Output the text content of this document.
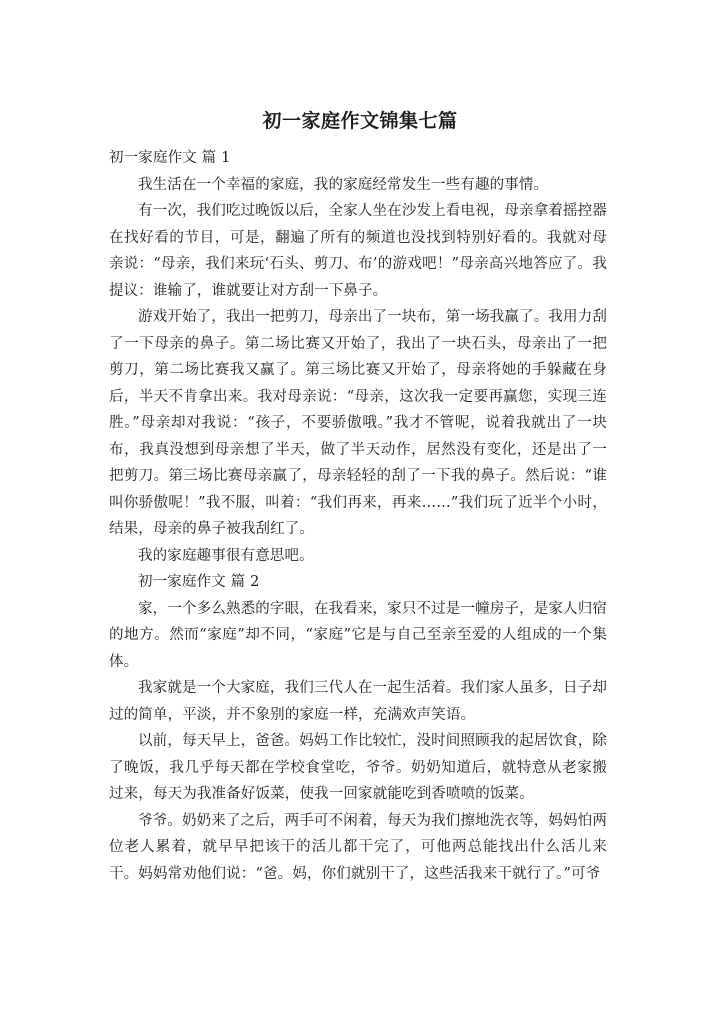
初一家庭作文锦集七篇

初一家庭作文 篇 1

我生活在一个幸福的家庭，我的家庭经常发生一些有趣的事情。

有一次，我们吃过晚饭以后，全家人坐在沙发上看电视，母亲拿着摇控器在找好看的节目，可是，翻遍了所有的频道也没找到特别好看的。我就对母亲说：“母亲，我们来玩‘石头、剪刀、布’的游戏吧！”母亲高兴地答应了。我提议：谁输了，谁就要让对方刮一下鼻子。

游戏开始了，我出一把剪刀，母亲出了一块布，第一场我赢了。我用力刮了一下母亲的鼻子。第二场比赛又开始了，我出了一块石头，母亲出了一把剪刀，第二场比赛我又赢了。第三场比赛又开始了，母亲将她的手躲藏在身后，半天不肯拿出来。我对母亲说：“母亲，这次我一定要再赢您，实现三连胜。”母亲却对我说：“孩子，不要骄傲哦。”我才不管呢，说着我就出了一块布，我真没想到母亲想了半天，做了半天动作，居然没有变化，还是出了一把剪刀。第三场比赛母亲赢了，母亲轻轻的刮了一下我的鼻子。然后说：“谁叫你骄傲呢！”我不服，叫着：“我们再来，再来……”我们玩了近半个小时，结果，母亲的鼻子被我刮红了。

我的家庭趣事很有意思吧。

初一家庭作文 篇 2

家，一个多么熟悉的字眼，在我看来，家只不过是一幢房子，是家人归宿的地方。然而“家庭”却不同，“家庭”它是与自己至亲至爱的人组成的一个集体。

我家就是一个大家庭，我们三代人在一起生活着。我们家人虽多，日子却过的简单，平淡，并不象别的家庭一样，充满欢声笑语。

以前，每天早上，爸爸。妈妈工作比较忙，没时间照顾我的起居饮食，除了晚饭，我几乎每天都在学校食堂吃，爷爷。奶奶知道后，就特意从老家搬过来，每天为我准备好饭菜，使我一回家就能吃到香喷喷的饭菜。

爷爷。奶奶来了之后，两手可不闲着，每天为我们擦地洗衣等，妈妈怕两位老人累着，就早早把该干的活儿都干完了，可他两总能找出什么活儿来干。妈妈常劝他们说：“爸。妈，你们就别干了，这些活我来干就行了。”可爷
